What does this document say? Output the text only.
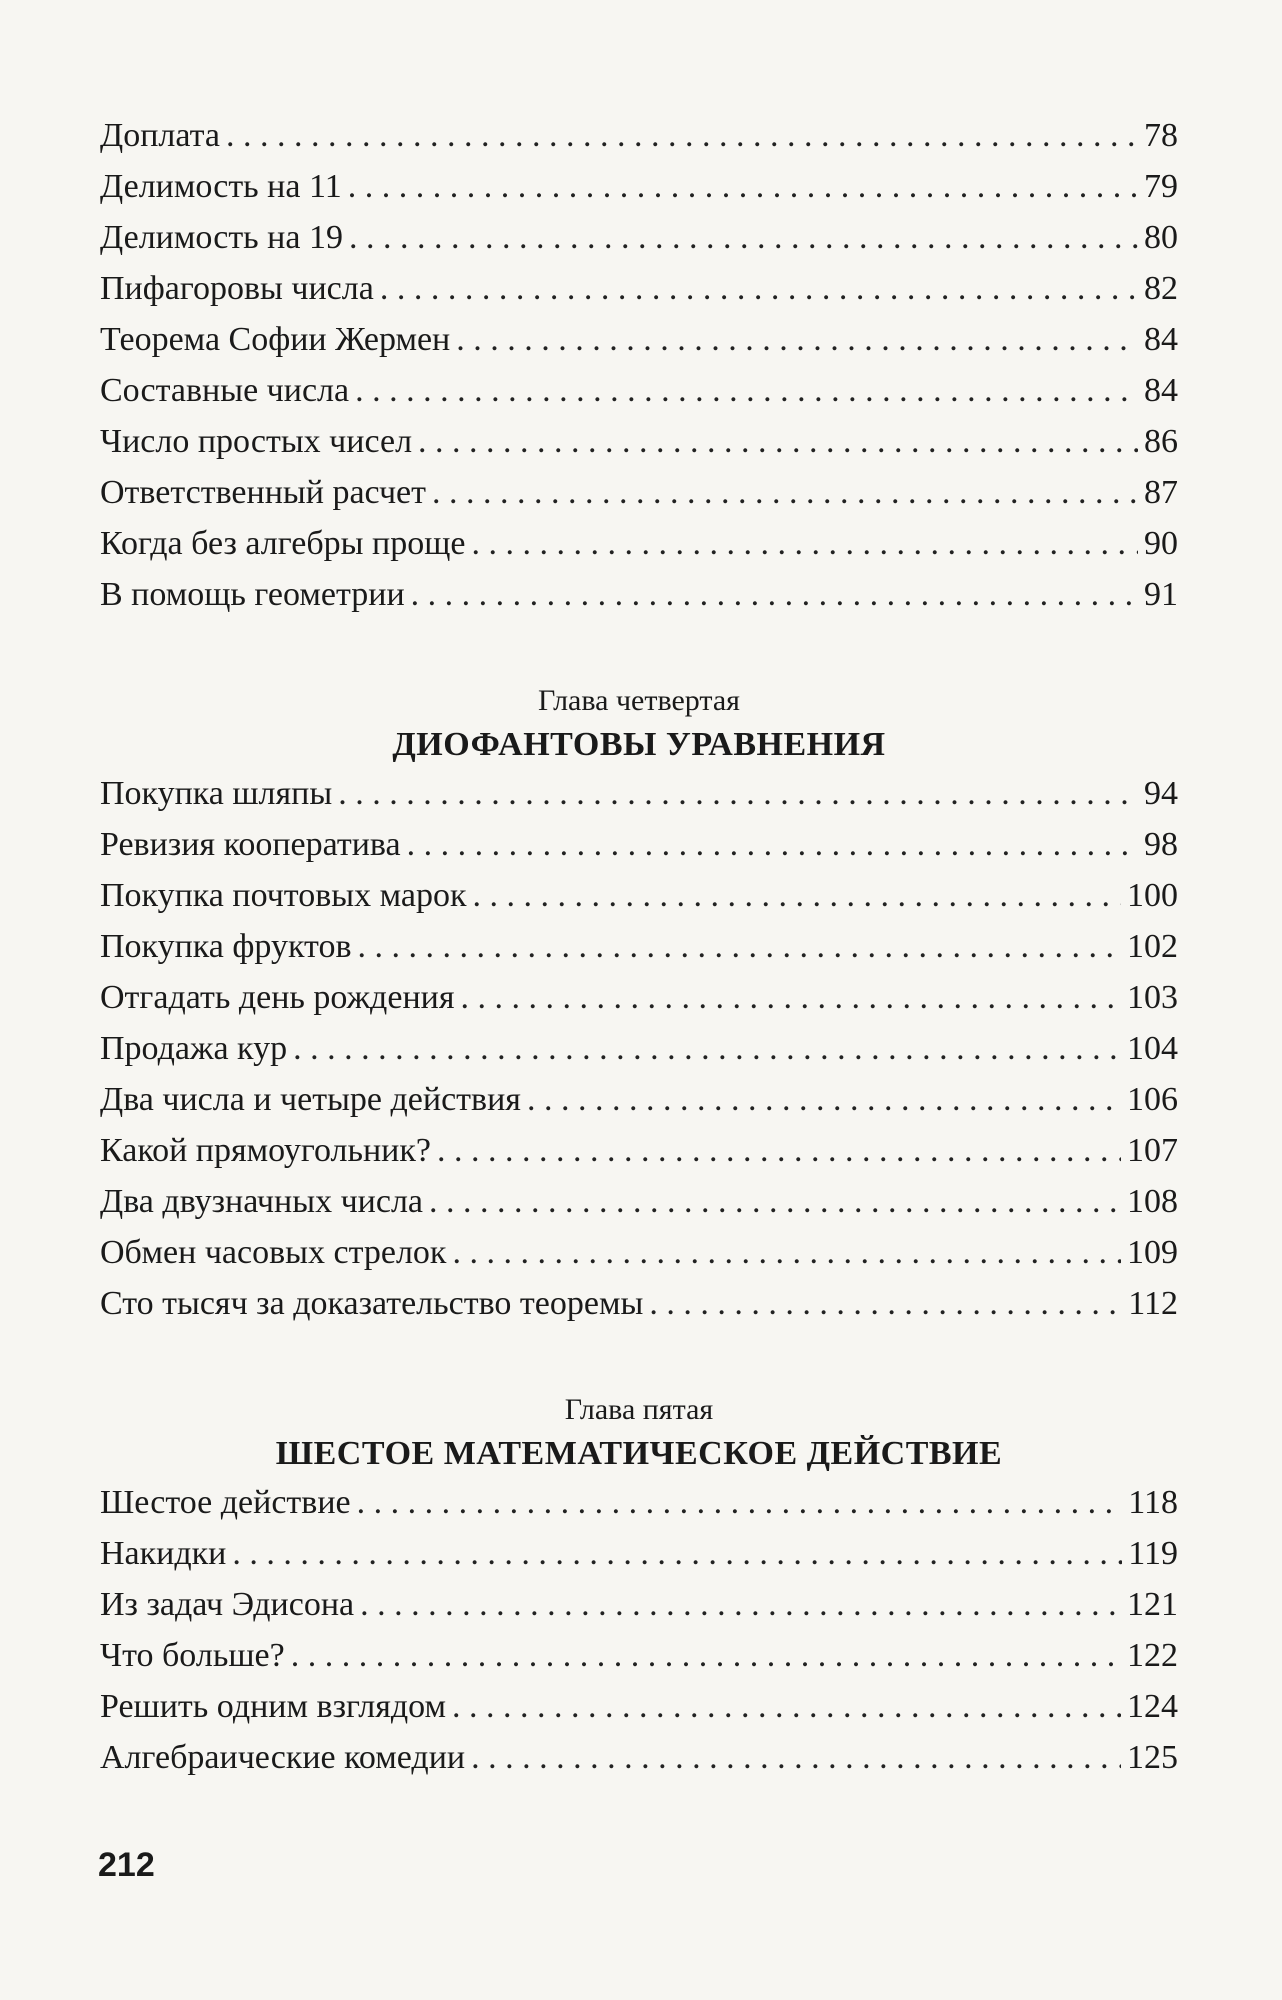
Доплата . . .	78
Делимость на 11 . . .	79
Делимость на 19 . . .	80
Пифагоровы числа . . .	82
Теорема Софии Жермен . . .	84
Составные числа . . .	84
Число простых чисел . . .	86
Ответственный расчет . . .	87
Когда без алгебры проще . . .	90
В помощь геометрии . . .	91
Глава четвертая
ДИОФАНТОВЫ УРАВНЕНИЯ
Покупка шляпы . . .	94
Ревизия кооператива . . .	98
Покупка почтовых марок . . .	100
Покупка фруктов . . .	102
Отгадать день рождения . . .	103
Продажа кур . . .	104
Два числа и четыре действия . . .	106
Какой прямоугольник? . . .	107
Два двузначных числа . . .	108
Обмен часовых стрелок . . .	109
Сто тысяч за доказательство теоремы . . .	112
Глава пятая
ШЕСТОЕ МАТЕМАТИЧЕСКОЕ ДЕЙСТВИЕ
Шестое действие . . .	118
Накидки . . .	119
Из задач Эдисона . . .	121
Что больше? . . .	122
Решить одним взглядом . . .	124
Алгебраические комедии . . .	125
212
